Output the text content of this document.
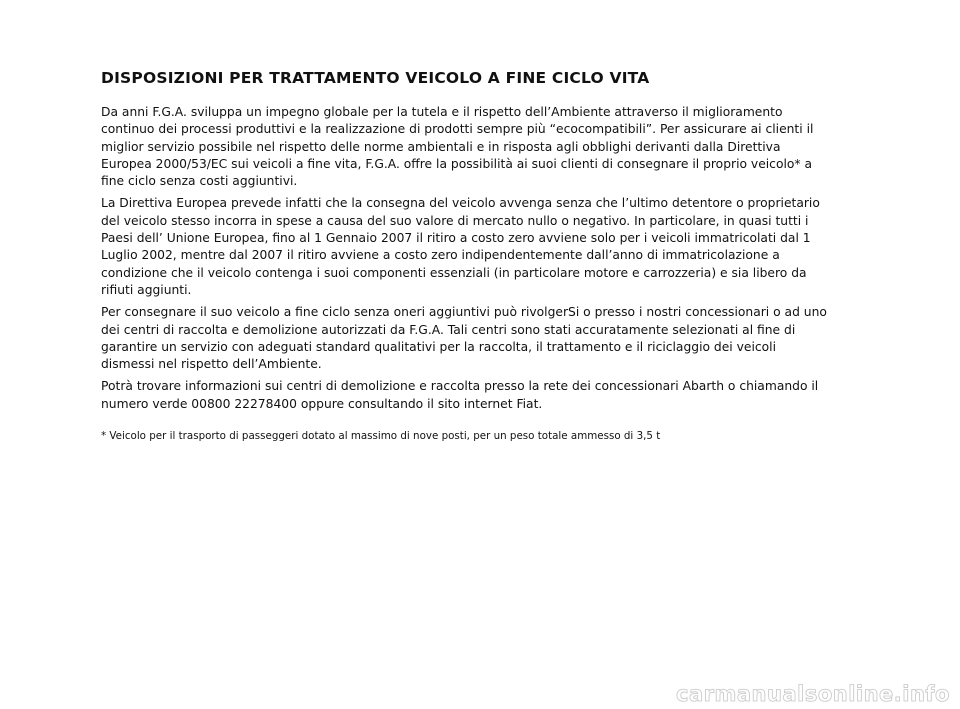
DISPOSIZIONI PER TRATTAMENTO VEICOLO A FINE CICLO VITA

Da anni F.G.A. sviluppa un impegno globale per la tutela e il rispetto dell’Ambiente attraverso il miglioramento continuo dei processi produttivi e la realizzazione di prodotti sempre più “ecocompatibili”. Per assicurare ai clienti il miglior servizio possibile nel rispetto delle norme ambientali e in risposta agli obblighi derivanti dalla Direttiva Europea 2000/53/EC sui veicoli a fine vita, F.G.A. offre la possibilità ai suoi clienti di consegnare il proprio veicolo* a fine ciclo senza costi aggiuntivi.

La Direttiva Europea prevede infatti che la consegna del veicolo avvenga senza che l’ultimo detentore o proprietario del veicolo stesso incorra in spese a causa del suo valore di mercato nullo o negativo. In particolare, in quasi tutti i Paesi dell’ Unione Europea, fino al 1 Gennaio 2007 il ritiro a costo zero avviene solo per i veicoli immatricolati dal 1 Luglio 2002, mentre dal 2007 il ritiro avviene a costo zero indipendentemente dall’anno di immatricolazione a condizione che il veicolo contenga i suoi componenti essenziali (in particolare motore e carrozzeria) e sia libero da rifiuti aggiunti.

Per consegnare il suo veicolo a fine ciclo senza oneri aggiuntivi può rivolgerSi o presso i nostri concessionari o ad uno dei centri di raccolta e demolizione autorizzati da F.G.A. Tali centri sono stati accuratamente selezionati al fine di garantire un servizio con adeguati standard qualitativi per la raccolta, il trattamento e il riciclaggio dei veicoli dismessi nel rispetto dell’Ambiente.

Potrà trovare informazioni sui centri di demolizione e raccolta presso la rete dei concessionari Abarth o chiamando il numero verde 00800 22278400 oppure consultando il sito internet Fiat.

* Veicolo per il trasporto di passeggeri dotato al massimo di nove posti, per un peso totale ammesso di 3,5 t

carmanualsonline.info
